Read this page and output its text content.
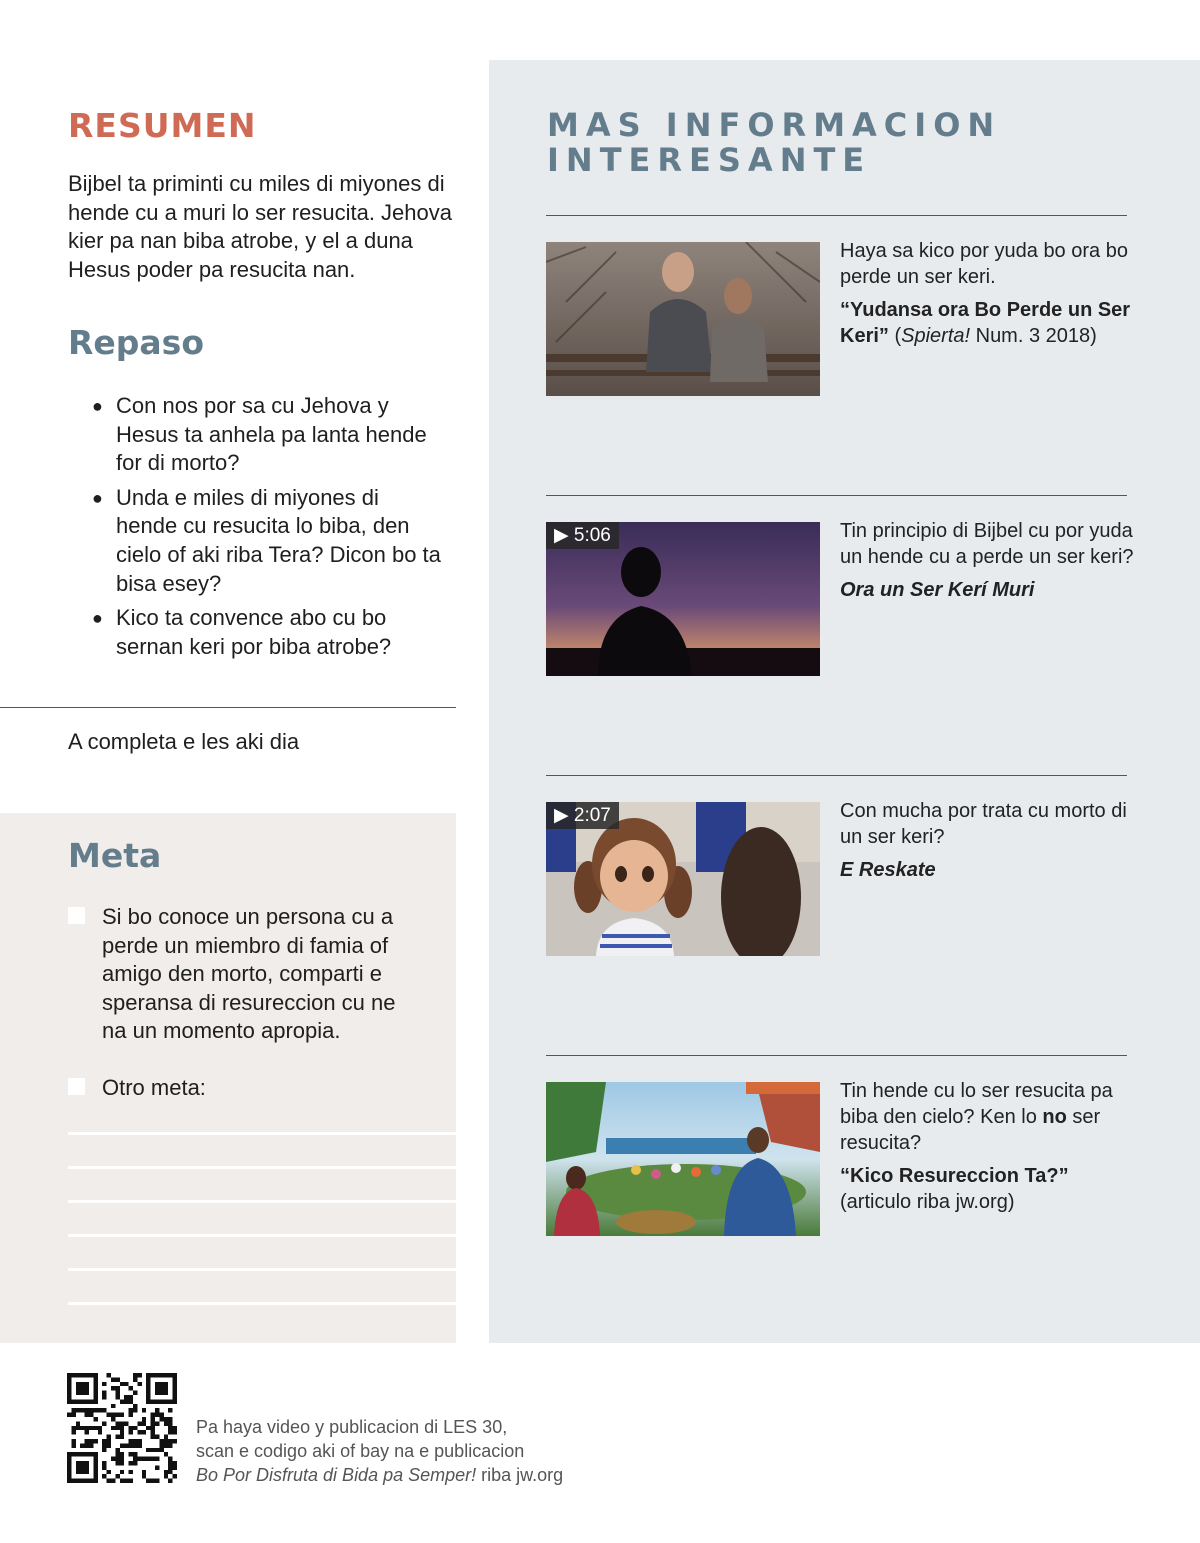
RESUMEN

Bijbel ta priminti cu miles di miyones di hende cu a muri lo ser resucita. Jehova kier pa nan biba atrobe, y el a duna Hesus poder pa resucita nan.

Repaso
● Con nos por sa cu Jehova y Hesus ta anhela pa lanta hende for di morto?
● Unda e miles di miyones di hende cu resucita lo biba, den cielo of aki riba Tera? Dicon bo ta bisa esey?
● Kico ta convence abo cu bo sernan keri por biba atrobe?

A completa e les aki dia

Meta
Si bo conoce un persona cu a perde un miembro di famia of amigo den morto, comparti e speransa di resureccion cu ne na un momento apropia.
Otro meta:
MAS INFORMACION
INTERESANTE

Haya sa kico por yuda bo ora bo perde un ser keri.

“Yudansa ora Bo Perde un Ser Keri” (Spierta! Num. 3 2018)

▶ 5:06	Tin principio di Bijbel cu por yuda un hende cu a perde un ser keri?

Ora un Ser Kerí Muri

▶ 2:07	Con mucha por trata cu morto di un ser keri?

E Reskate

Tin hende cu lo ser resucita pa biba den cielo? Ken lo no ser resucita?

“Kico Resureccion Ta?”

(articulo riba jw.org)

Pa haya video y publicacion di LES 30,
scan e codigo aki of bay na e publicacion
Bo Por Disfruta di Bida pa Semper! riba jw.org
